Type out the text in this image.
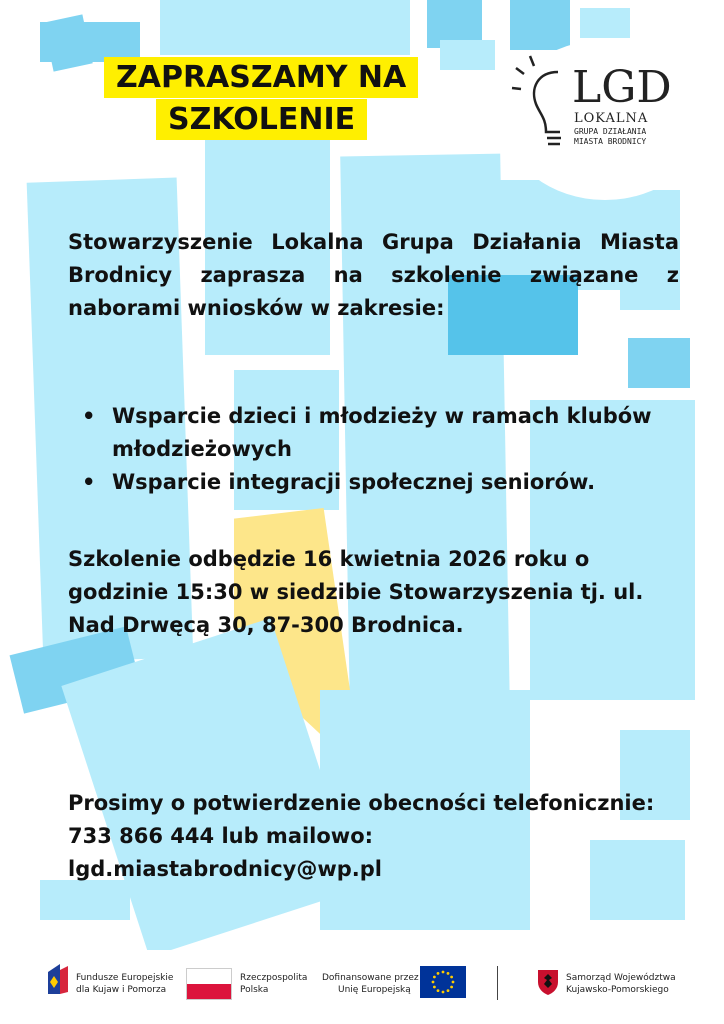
ZAPRASZAMY NA
SZKOLENIE
LGD
LOKALNA
GRUPA DZIAŁANIA
MIASTA BRODNICY
Stowarzyszenie Lokalna Grupa Działania Miasta Brodnicy zaprasza na szkolenie związane z naborami wniosków w zakresie:
• Wsparcie dzieci i młodzieży w ramach klubów młodzieżowych
• Wsparcie integracji społecznej seniorów.
Szkolenie odbędzie 16 kwietnia 2026 roku o godzinie 15:30 w siedzibie Stowarzyszenia tj. ul. Nad Drwęcą 30, 87-300 Brodnica.
Prosimy o potwierdzenie obecności telefonicznie: 733 866 444 lub mailowo: lgd.miastabrodnicy@wp.pl
Fundusze Europejskie
dla Kujaw i Pomorza
Rzeczpospolita
Polska
Dofinansowane przez
Unię Europejską
Samorząd Województwa
Kujawsko-Pomorskiego
